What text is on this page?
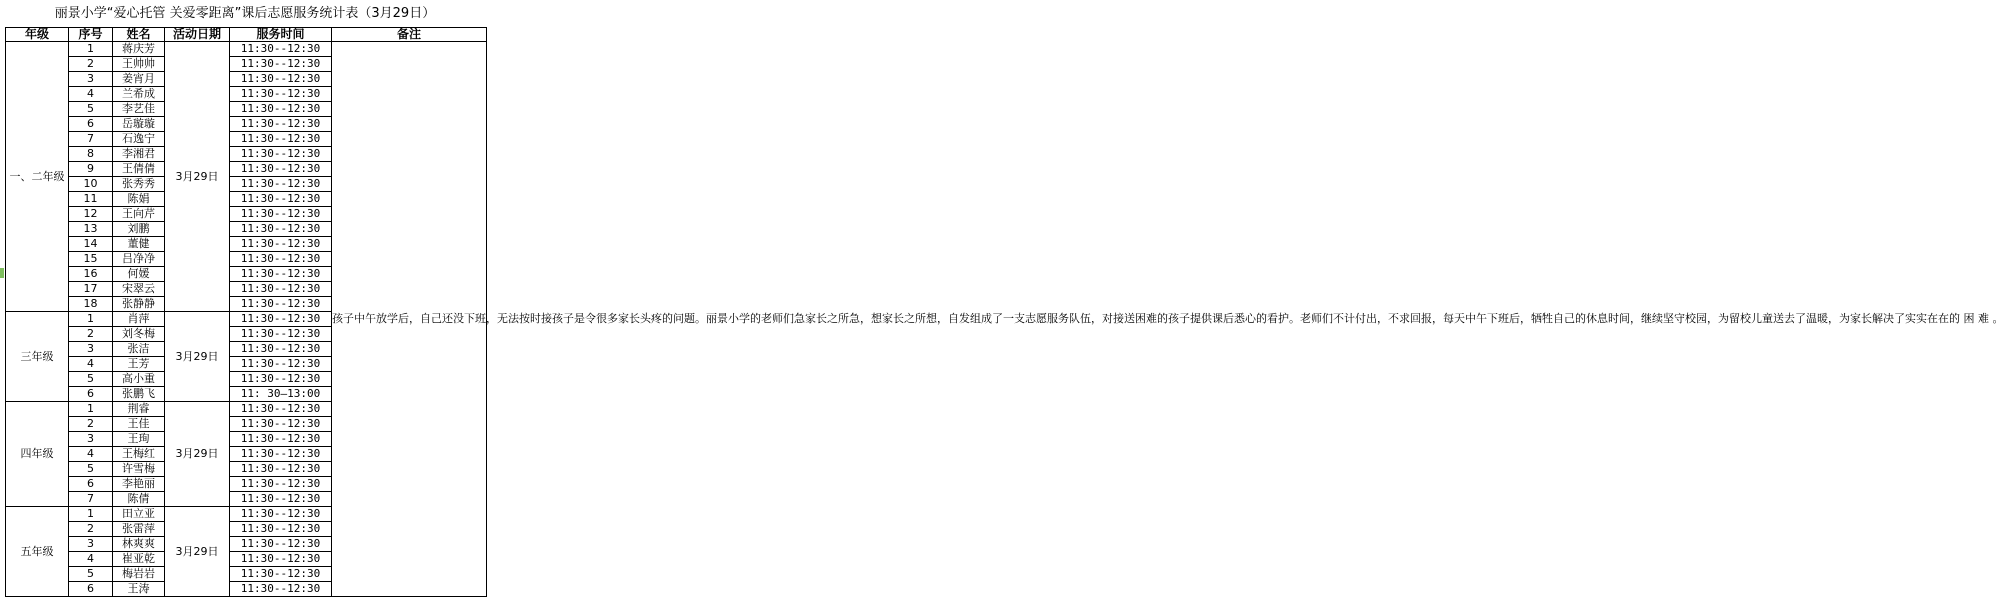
丽景小学“爱心托管 关爱零距离”课后志愿服务统计表（3月29日）
年级	序号	姓名	活动日期	服务时间	备注
一、二年级	1	蒋庆芳	3月29日	11:30--12:30	孩子中午放学后，自己还没下班，无法按时接孩子是令很多家长头疼的问题。丽景小学的老师们急家长之所急，想家长之所想，自发组成了一支志愿服务队伍，对接送困难的孩子提供课后悉心的看护。老师们不计付出，不求回报，每天中午下班后，牺牲自己的休息时间，继续坚守校园，为留校儿童送去了温暖，为家长解决了实实在在的 困 难 。
	2	王帅帅		11:30--12:30	
	3	姜宵月		11:30--12:30	
	4	兰希成		11:30--12:30	
	5	李艺佳		11:30--12:30	
	6	岳璇璇		11:30--12:30	
	7	石逸宁		11:30--12:30	
	8	李湘君		11:30--12:30	
	9	王倩倩		11:30--12:30	
	10	张秀秀		11:30--12:30	
	11	陈娟		11:30--12:30	
	12	王向芹		11:30--12:30	
	13	刘鹏		11:30--12:30	
	14	董健		11:30--12:30	
	15	吕净净		11:30--12:30	
	16	何媛		11:30--12:30	
	17	宋翠云		11:30--12:30	
	18	张静静		11:30--12:30	
三年级	1	肖萍	3月29日	11:30--12:30	
	2	刘冬梅		11:30--12:30	
	3	张洁		11:30--12:30	
	4	王芳		11:30--12:30	
	5	高小重		11:30--12:30	
	6	张鹏飞		11: 30—13:00	
四年级	1	荆睿	3月29日	11:30--12:30	
	2	王佳		11:30--12:30	
	3	王珣		11:30--12:30	
	4	王梅红		11:30--12:30	
	5	许雪梅		11:30--12:30	
	6	李艳丽		11:30--12:30	
	7	陈倩		11:30--12:30	
五年级	1	田立亚	3月29日	11:30--12:30	
	2	张雷萍		11:30--12:30	
	3	林爽爽		11:30--12:30	
	4	崔亚乾		11:30--12:30	
	5	梅岩岩		11:30--12:30	
	6	王涛		11:30--12:30	
